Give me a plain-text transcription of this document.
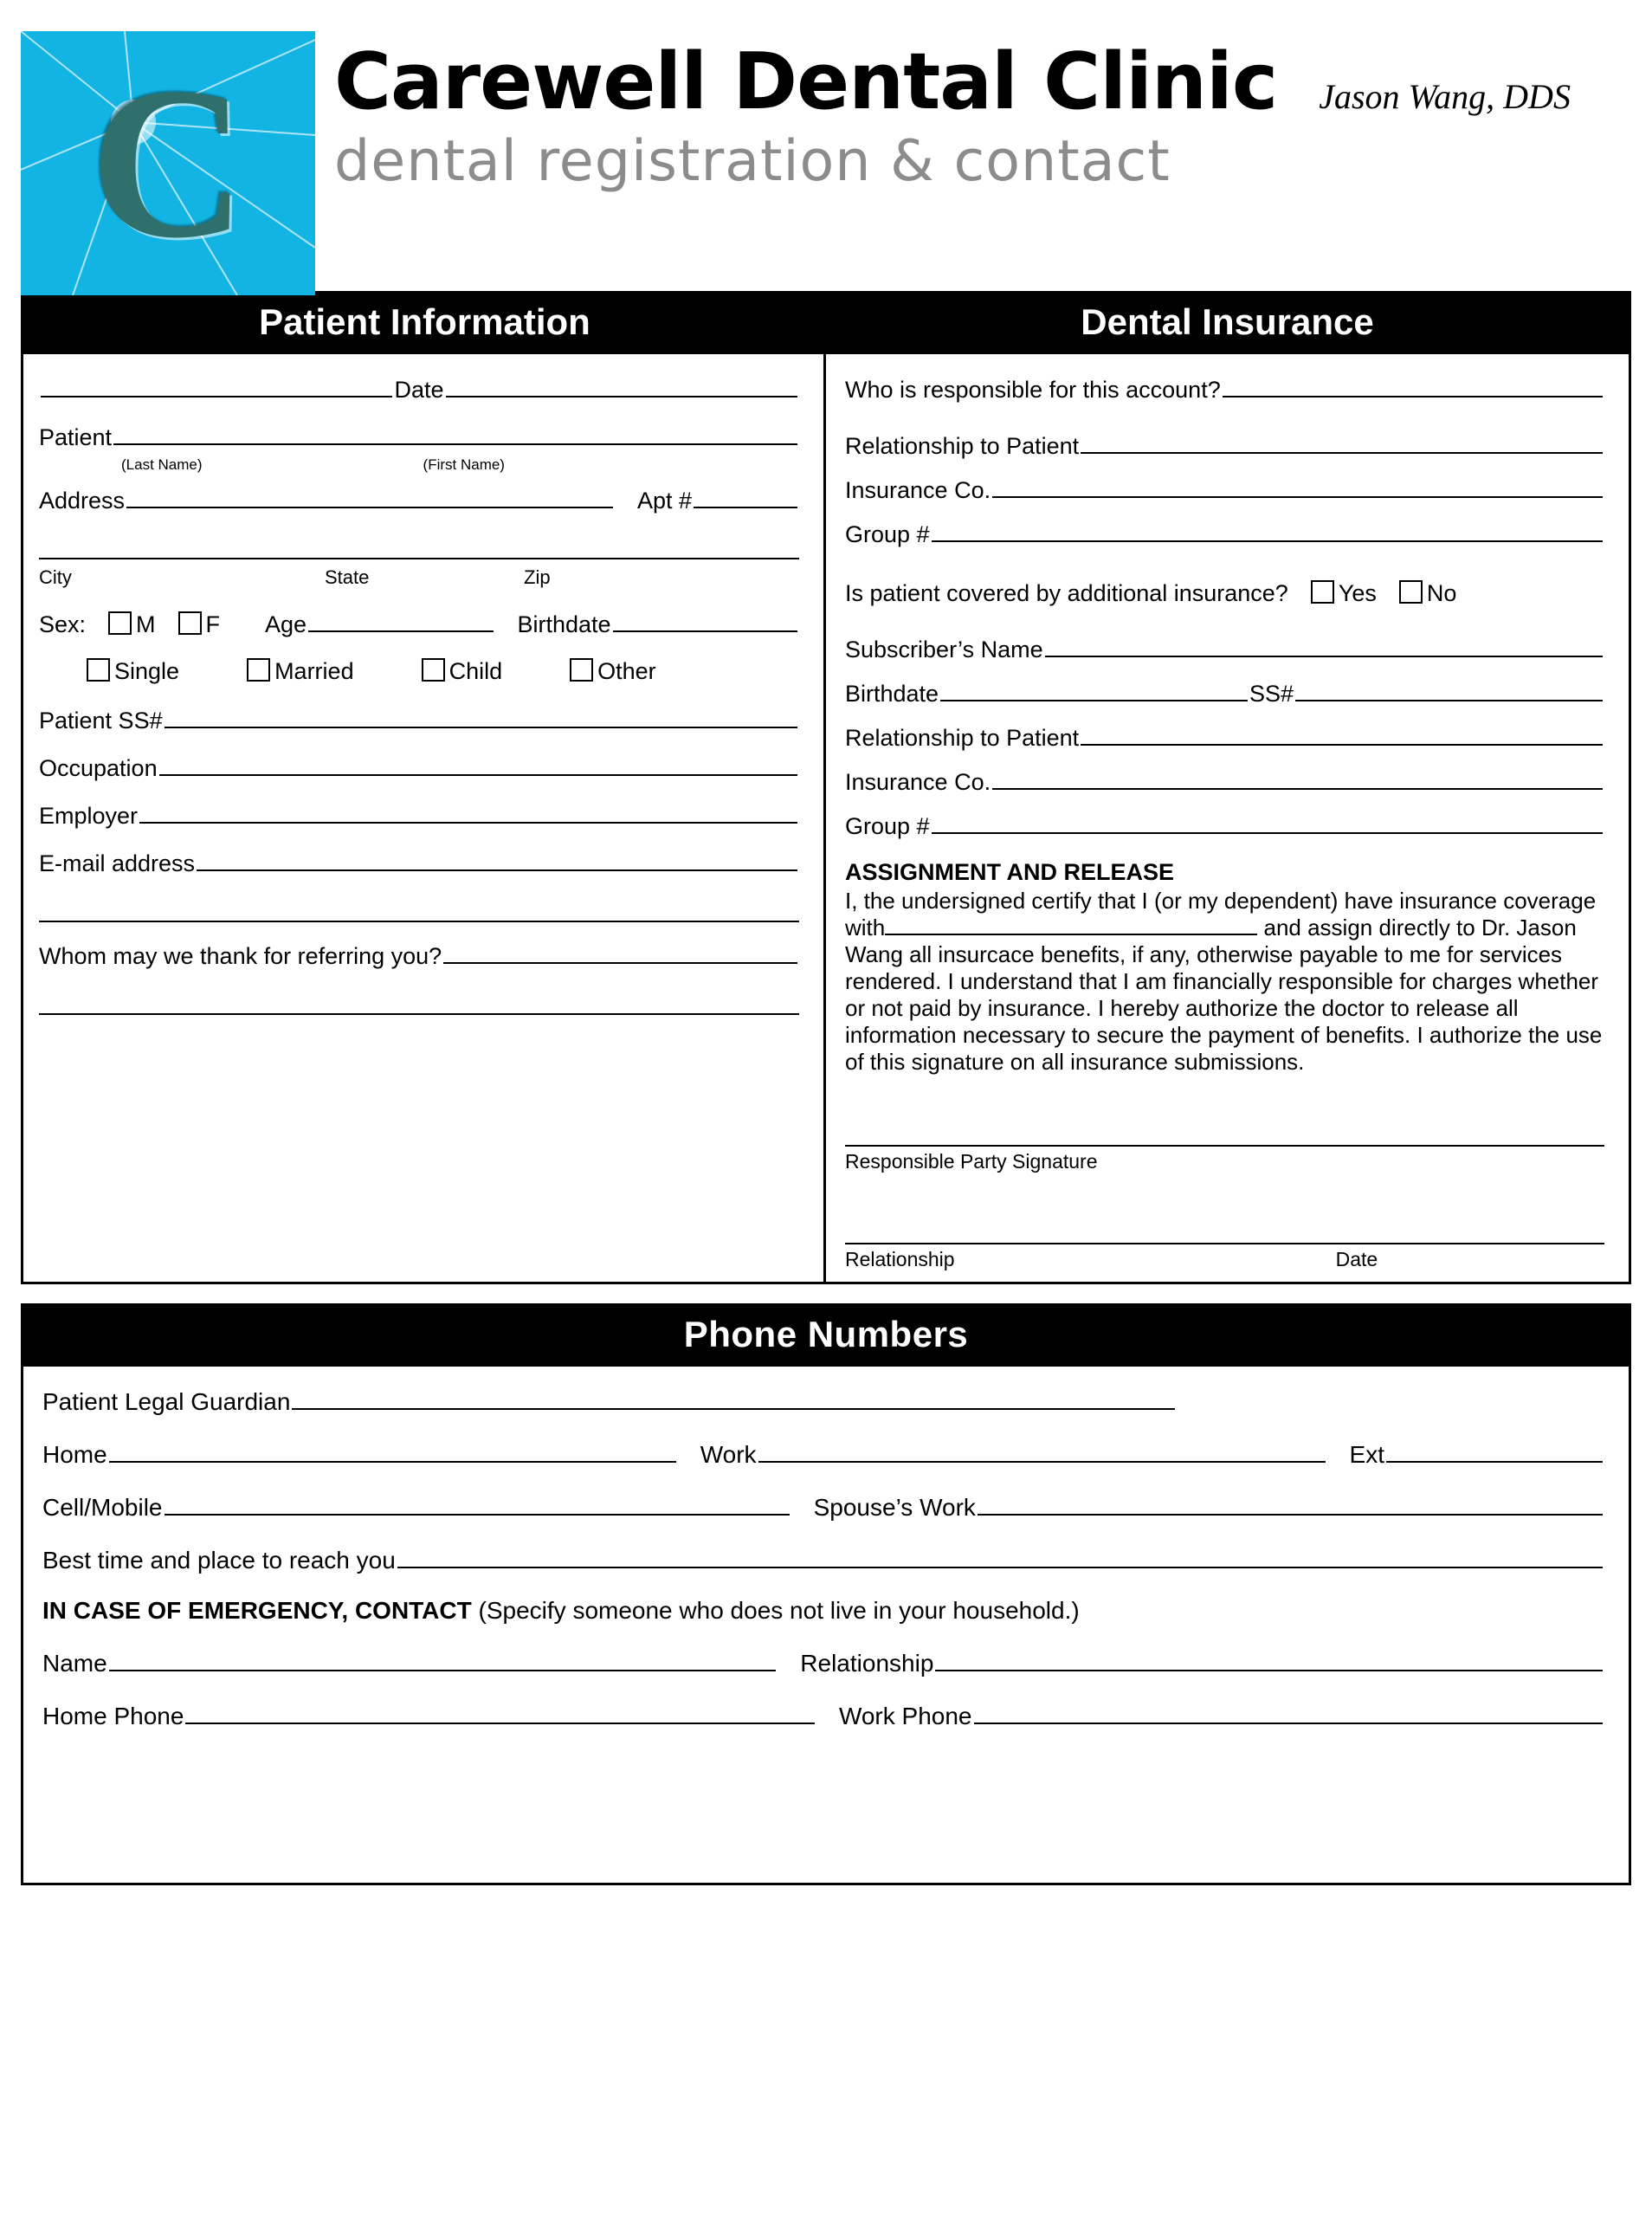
C Carewell Dental Clinic Jason Wang, DDS
dental registration & contact
Patient Information	Dental Insurance
Date
Patient
(Last Name)	(First Name)
Address	Apt #
City	State	Zip
Sex:	M	F Age	Birthdate
Single	Married	Child	Other
Patient SS#
Occupation
Employer
E-mail address
Whom may we thank for referring you?
Who is responsible for this account?
Relationship to Patient
Insurance Co.
Group #
Is patient covered by additional insurance?	Yes	No
Subscriber’s Name
Birthdate	SS#
Relationship to Patient
Insurance Co.
Group #
ASSIGNMENT AND RELEASE
I, the undersigned certify that I (or my dependent) have insurance coverage with	and assign directly to Dr. Jason Wang all insurcace benefits, if any, otherwise payable to me for services rendered. I understand that I am financially responsible for charges whether or not paid by insurance. I hereby authorize the doctor to release all information necessary to secure the payment of benefits. I authorize the use of this signature on all insurance submissions.
Responsible Party Signature
Relationship	Date
Phone Numbers
Patient Legal Guardian
Home	Work	Ext
Cell/Mobile	Spouse’s Work
Best time and place to reach you
IN CASE OF EMERGENCY, CONTACT (Specify someone who does not live in your household.)
Name	Relationship
Home Phone	Work Phone
